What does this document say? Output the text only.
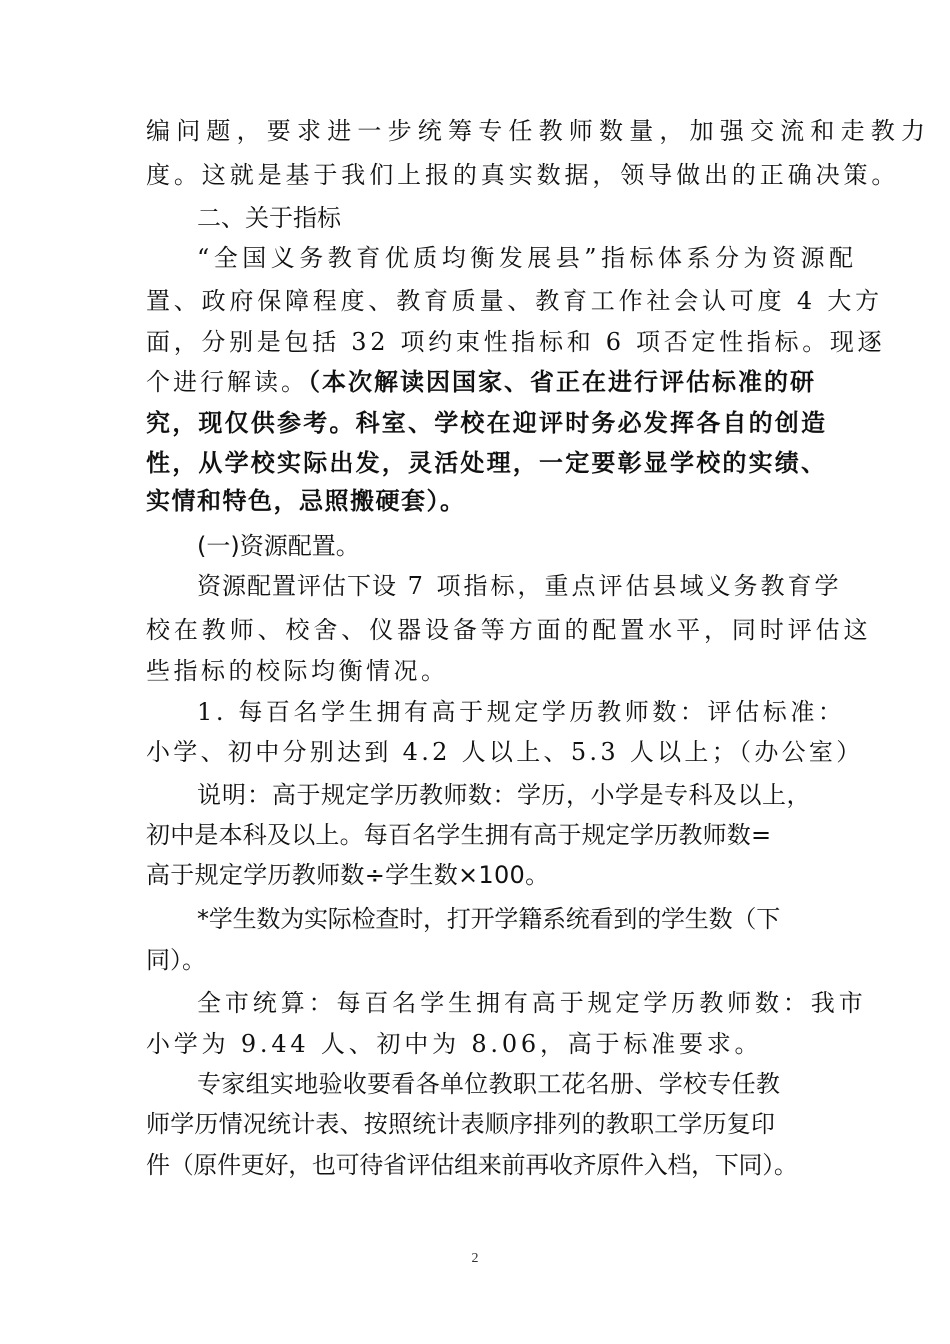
编问题，要求进一步统筹专任教师数量，加强交流和走教力
度。这就是基于我们上报的真实数据，领导做出的正确决策。
二、关于指标
“全国义务教育优质均衡发展县”指标体系分为资源配
置、政府保障程度、教育质量、教育工作社会认可度 4 大方
面，分别是包括 32 项约束性指标和 6 项否定性指标。现逐
个进行解读。（本次解读因国家、省正在进行评估标准的研
究，现仅供参考。科室、学校在迎评时务必发挥各自的创造
性，从学校实际出发，灵活处理，一定要彰显学校的实绩、
实情和特色，忌照搬硬套）。
(一)资源配置。
资源配置评估下设 7 项指标，重点评估县域义务教育学
校在教师、校舍、仪器设备等方面的配置水平，同时评估这
些指标的校际均衡情况。
1. 每百名学生拥有高于规定学历教师数：评估标准：
小学、初中分别达到 4.2 人以上、5.3 人以上；（办公室）
说明：高于规定学历教师数：学历，小学是专科及以上，
初中是本科及以上。每百名学生拥有高于规定学历教师数=
高于规定学历教师数÷学生数×100。
*学生数为实际检查时，打开学籍系统看到的学生数（下
同）。
全市统算：每百名学生拥有高于规定学历教师数：我市
小学为 9.44 人、初中为 8.06，高于标准要求。
专家组实地验收要看各单位教职工花名册、学校专任教
师学历情况统计表、按照统计表顺序排列的教职工学历复印
件（原件更好，也可待省评估组来前再收齐原件入档，下同）。
2
